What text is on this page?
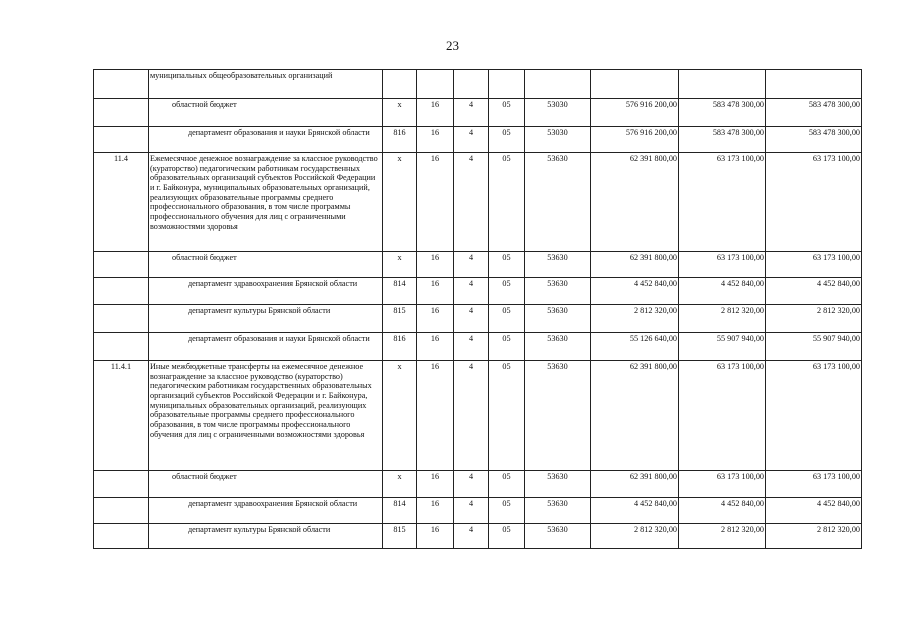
23
	муниципальных общеобразовательных организаций								

	областной бюджет	x	16	4	05	53030	576 916 200,00	583 478 300,00	583 478 300,00

	департамент образования и науки Брянской области	816	16	4	05	53030	576 916 200,00	583 478 300,00	583 478 300,00
11.4	Ежемесячное денежное вознаграждение за классное руководство (кураторство) педагогическим работникам государственных образовательных организаций субъектов Российской Федерации и г. Байконура, муниципальных образовательных организаций, реализующих образовательные программы среднего профессионального образования, в том числе программы профессионального обучения для лиц с ограниченными возможностями здоровья	x	16	4	05	53630	62 391 800,00	63 173 100,00	63 173 100,00

	областной бюджет	x	16	4	05	53630	62 391 800,00	63 173 100,00	63 173 100,00

	департамент здравоохранения Брянской области	814	16	4	05	53630	4 452 840,00	4 452 840,00	4 452 840,00

	департамент культуры Брянской области	815	16	4	05	53630	2 812 320,00	2 812 320,00	2 812 320,00

	департамент образования и науки Брянской области	816	16	4	05	53630	55 126 640,00	55 907 940,00	55 907 940,00
11.4.1	Иные межбюджетные трансферты на ежемесячное денежное вознаграждение за классное руководство (кураторство) педагогическим работникам государственных образовательных организаций субъектов Российской Федерации и г. Байконура, муниципальных образовательных организаций, реализующих образовательные программы среднего профессионального образования, в том числе программы профессионального обучения для лиц с ограниченными возможностями здоровья	x	16	4	05	53630	62 391 800,00	63 173 100,00	63 173 100,00

	областной бюджет	x	16	4	05	53630	62 391 800,00	63 173 100,00	63 173 100,00

	департамент здравоохранения Брянской области	814	16	4	05	53630	4 452 840,00	4 452 840,00	4 452 840,00

	департамент культуры Брянской области	815	16	4	05	53630	2 812 320,00	2 812 320,00	2 812 320,00
